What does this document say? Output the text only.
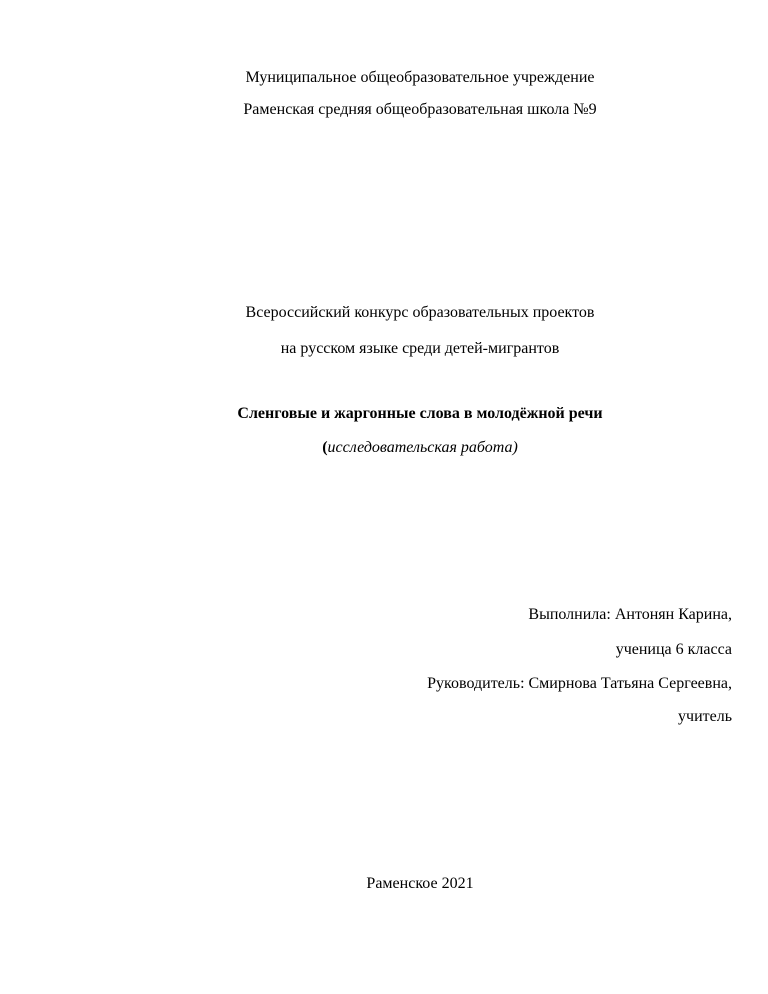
Муниципальное общеобразовательное учреждение
Раменская средняя общеобразовательная школа №9
Всероссийский конкурс образовательных проектов
на русском языке среди детей-мигрантов
Сленговые и жаргонные слова в молодёжной речи
(исследовательская работа)
Выполнила: Антонян Карина,
ученица 6 класса
Руководитель: Смирнова Татьяна Сергеевна,
учитель
Раменское 2021
